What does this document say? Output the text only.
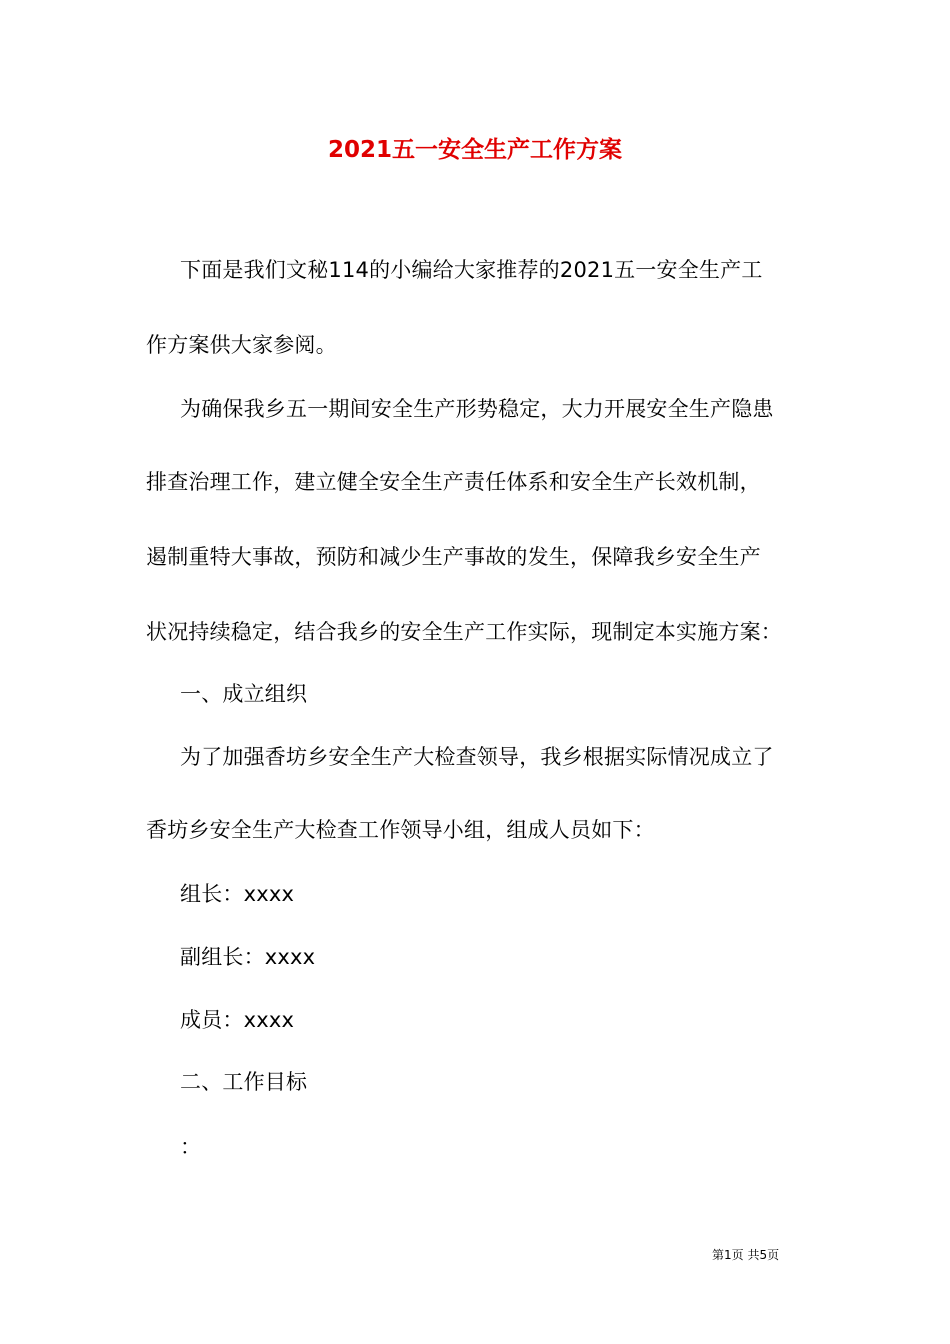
2021五一安全生产工作方案
下面是我们文秘114的小编给大家推荐的2021五一安全生产工
作方案供大家参阅。
为确保我乡五一期间安全生产形势稳定，大力开展安全生产隐患
排查治理工作，建立健全安全生产责任体系和安全生产长效机制，
遏制重特大事故，预防和减少生产事故的发生，保障我乡安全生产
状况持续稳定，结合我乡的安全生产工作实际，现制定本实施方案：
一、成立组织
为了加强香坊乡安全生产大检查领导，我乡根据实际情况成立了
香坊乡安全生产大检查工作领导小组，组成人员如下：
组长：xxxx
副组长：xxxx
成员：xxxx
二、工作目标
：
第1页 共5页
